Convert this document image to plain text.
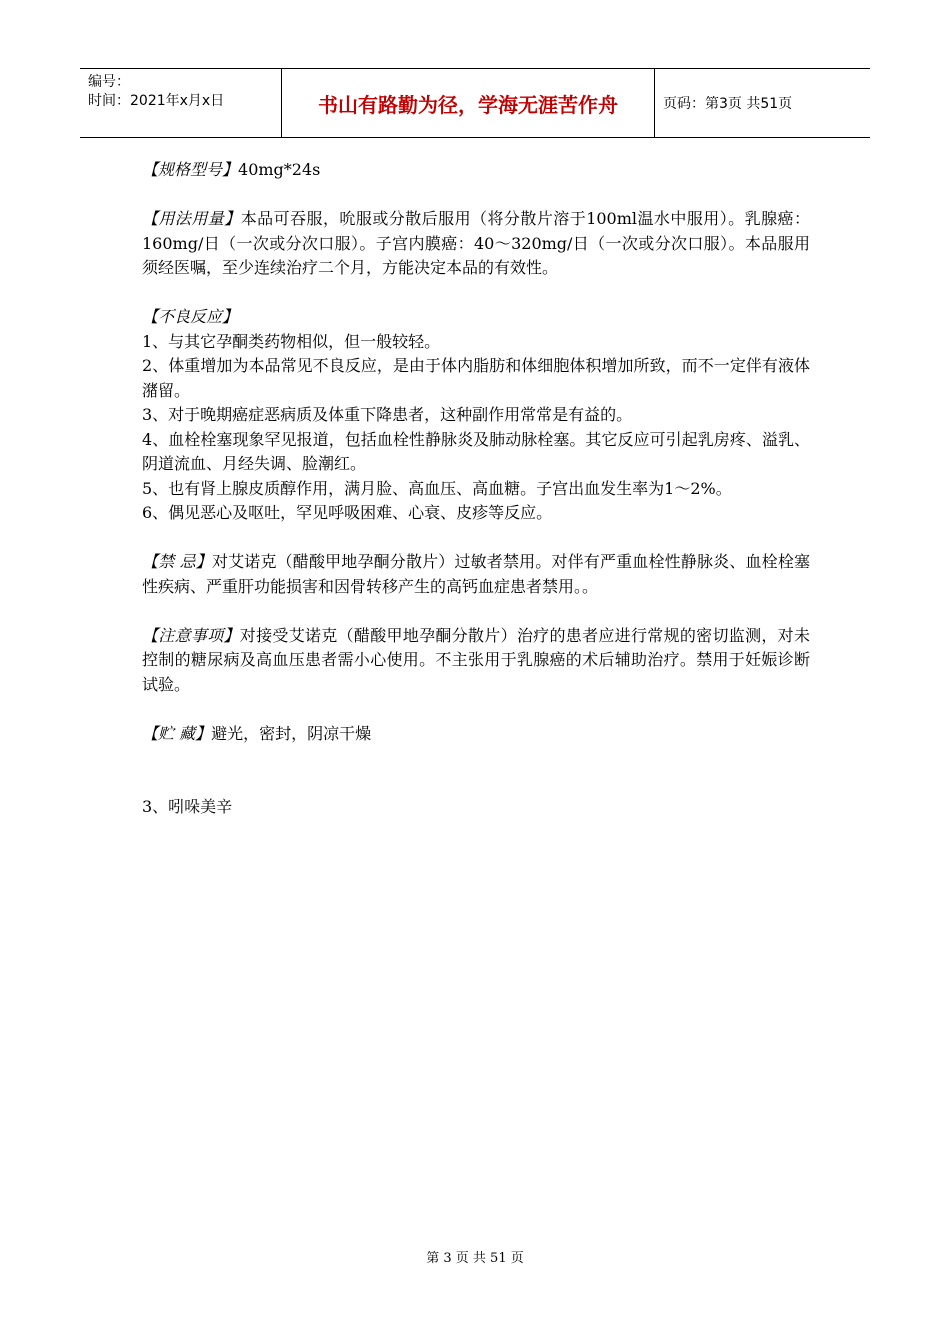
编号：
时间：2021年x月x日	书山有路勤为径，学海无涯苦作舟	页码：第3页 共51页

【规格型号】40mg*24s

【用法用量】本品可吞服，吮服或分散后服用（将分散片溶于100ml温水中服用）。乳腺癌：160mg/日（一次或分次口服）。子宫内膜癌：40～320mg/日（一次或分次口服）。本品服用须经医嘱，至少连续治疗二个月，方能决定本品的有效性。

【不良反应】

1、与其它孕酮类药物相似，但一般较轻。

2、体重增加为本品常见不良反应，是由于体内脂肪和体细胞体积增加所致，而不一定伴有液体潴留。

3、对于晚期癌症恶病质及体重下降患者，这种副作用常常是有益的。

4、血栓栓塞现象罕见报道，包括血栓性静脉炎及肺动脉栓塞。其它反应可引起乳房疼、溢乳、阴道流血、月经失调、脸潮红。

5、也有肾上腺皮质醇作用，满月脸、高血压、高血糖。子宫出血发生率为1～2%。

6、偶见恶心及呕吐，罕见呼吸困难、心衰、皮疹等反应。

【禁 忌】对艾诺克（醋酸甲地孕酮分散片）过敏者禁用。对伴有严重血栓性静脉炎、血栓栓塞性疾病、严重肝功能损害和因骨转移产生的高钙血症患者禁用。。

【注意事项】对接受艾诺克（醋酸甲地孕酮分散片）治疗的患者应进行常规的密切监测，对未控制的糖尿病及高血压患者需小心使用。不主张用于乳腺癌的术后辅助治疗。禁用于妊娠诊断试验。

【贮 藏】避光，密封，阴凉干燥

3、吲哚美辛

第 3 页 共 51 页
